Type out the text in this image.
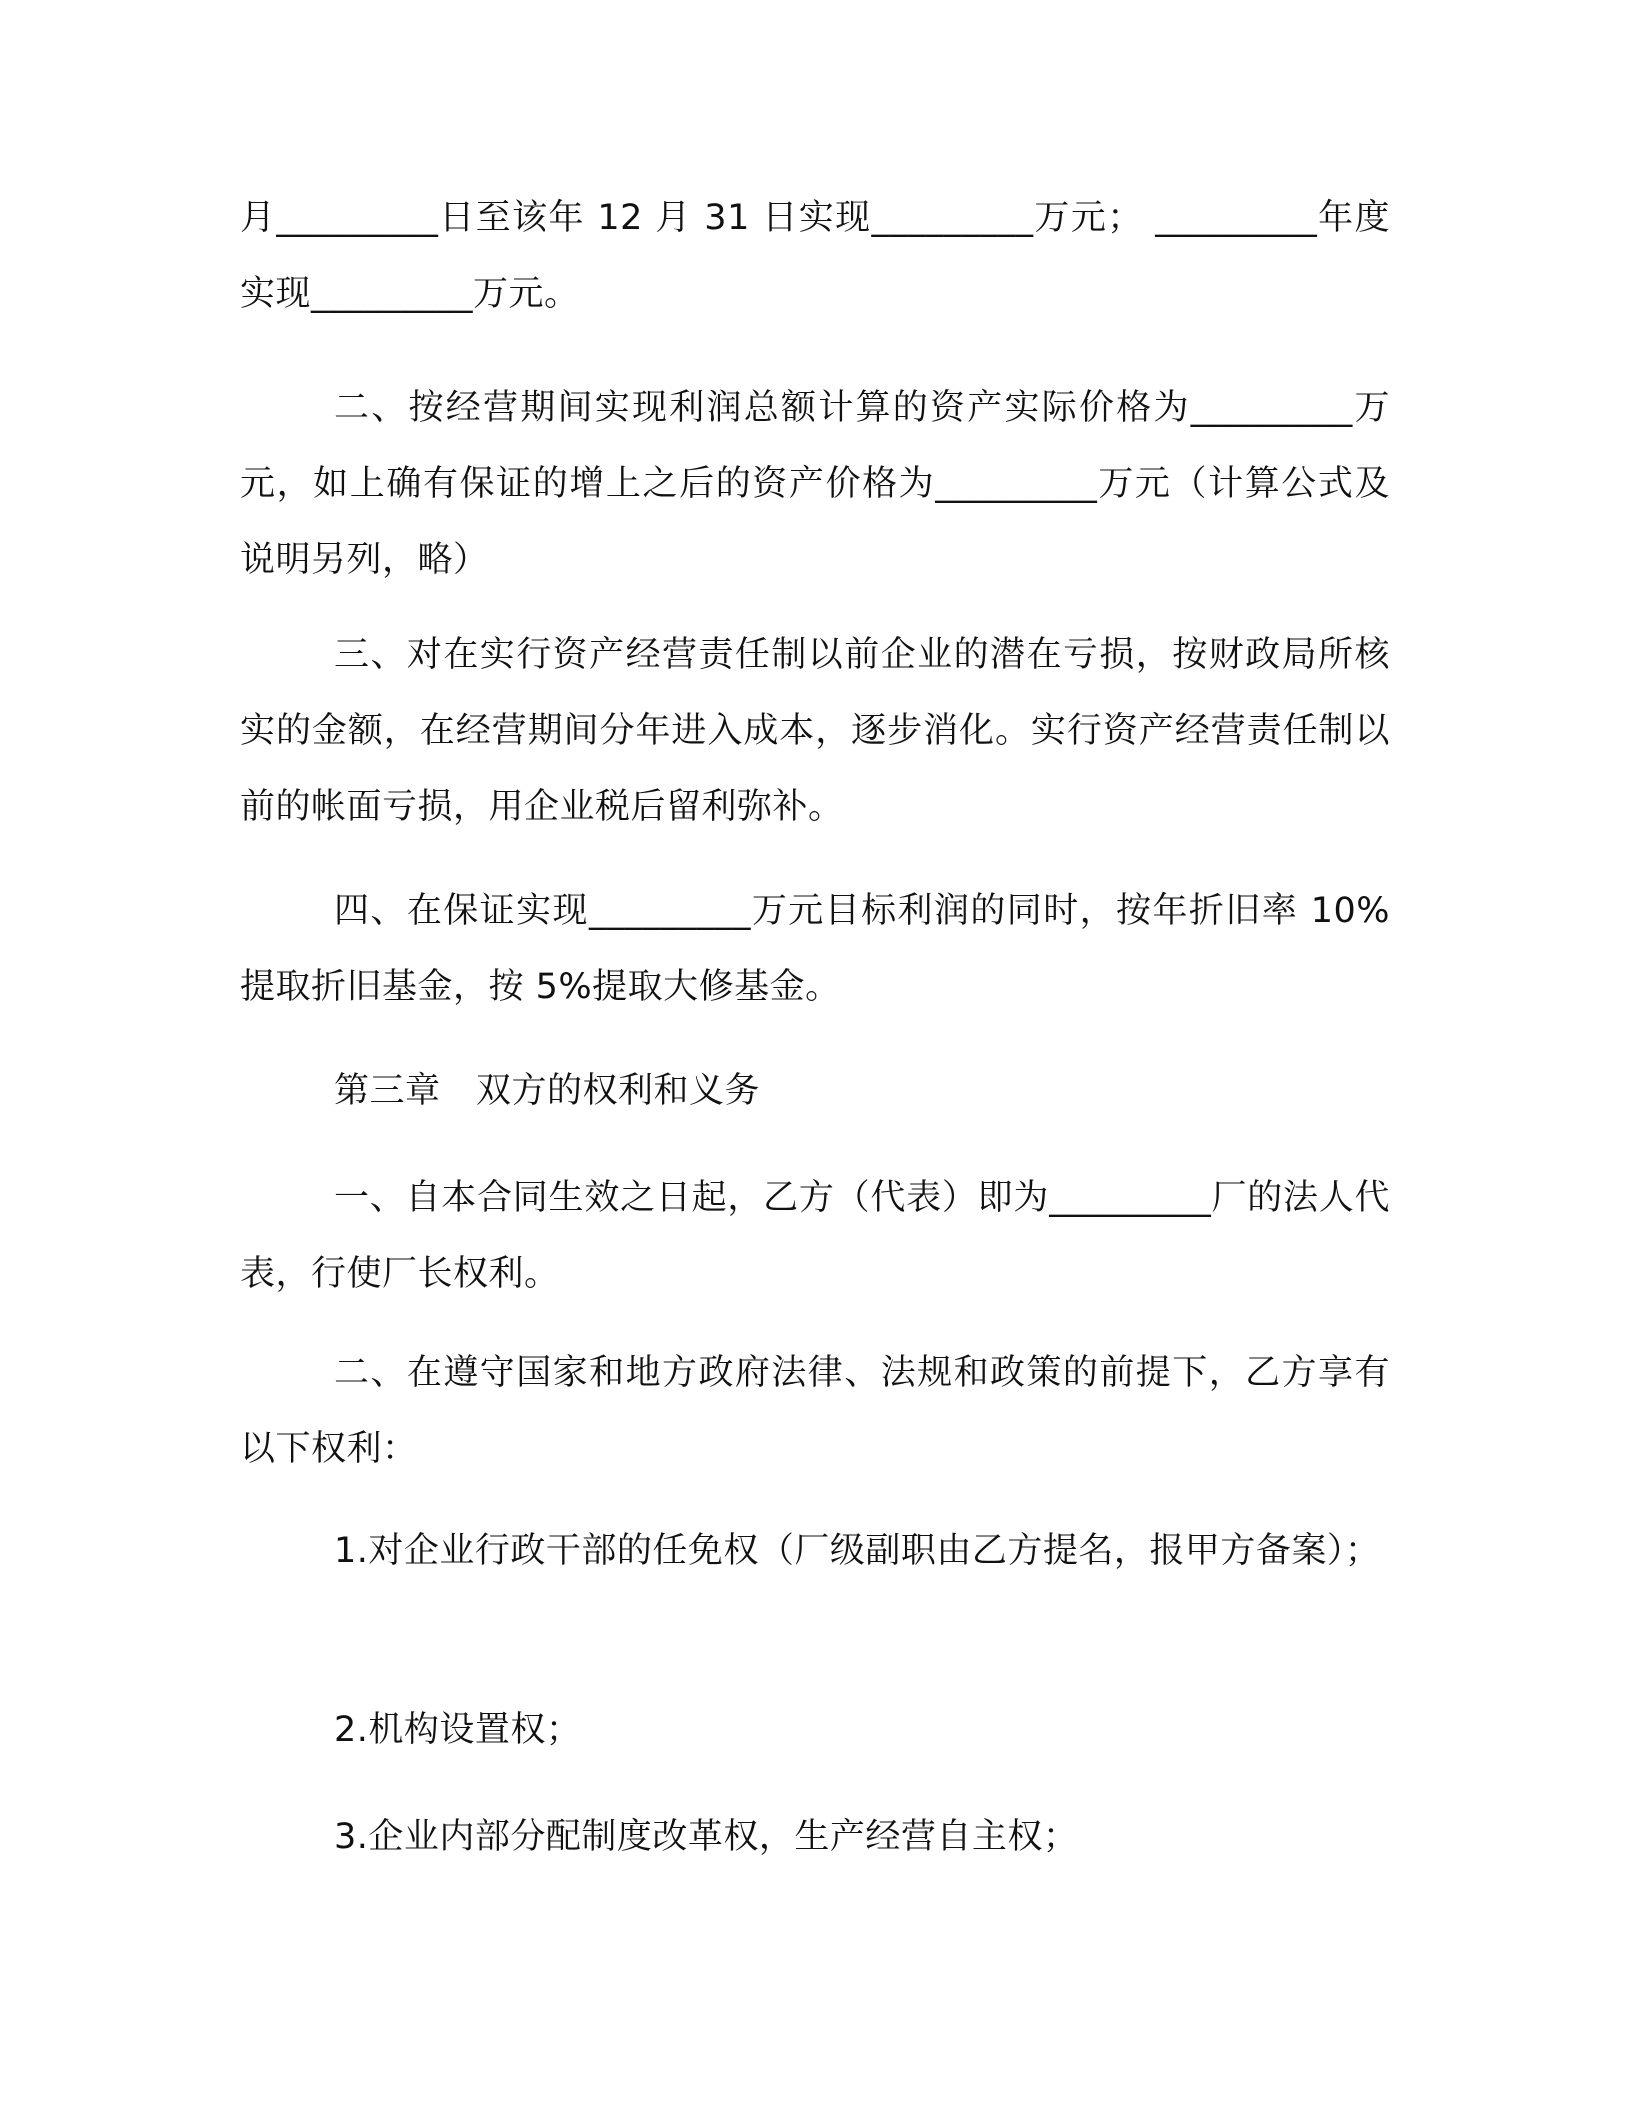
月_________日至该年 12 月 31 日实现_________万元； _________年度实现_________万元。

二、按经营期间实现利润总额计算的资产实际价格为_________万元，如上确有保证的增上之后的资产价格为_________万元（计算公式及说明另列，略）

三、对在实行资产经营责任制以前企业的潜在亏损，按财政局所核实的金额，在经营期间分年进入成本，逐步消化。实行资产经营责任制以前的帐面亏损，用企业税后留利弥补。

四、在保证实现_________万元目标利润的同时，按年折旧率 10%提取折旧基金，按 5%提取大修基金。

第三章　双方的权利和义务

一、自本合同生效之日起，乙方（代表）即为_________厂的法人代表，行使厂长权利。

二、在遵守国家和地方政府法律、法规和政策的前提下，乙方享有以下权利：

1.对企业行政干部的任免权（厂级副职由乙方提名，报甲方备案）；

2.机构设置权；

3.企业内部分配制度改革权，生产经营自主权；
